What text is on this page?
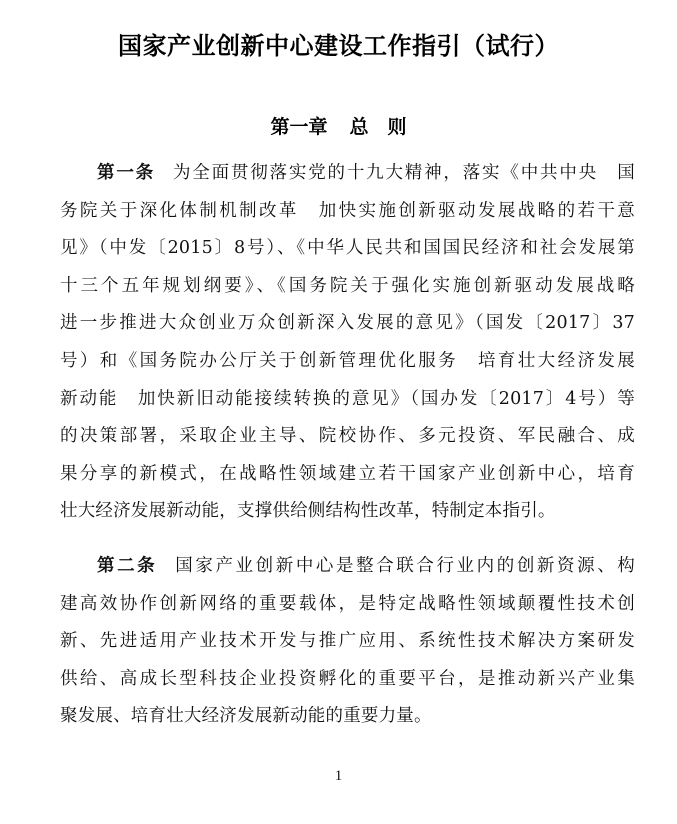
国家产业创新中心建设工作指引（试行）
第一章 总　则
第一条 为全面贯彻落实党的十九大精神，落实《中共中央　国
务院关于深化体制机制改革　加快实施创新驱动发展战略的若干意
见》（中发〔2015〕8号）、《中华人民共和国国民经济和社会发展第
十三个五年规划纲要》、《国务院关于强化实施创新驱动发展战略
进一步推进大众创业万众创新深入发展的意见》（国发〔2017〕37
号）和《国务院办公厅关于创新管理优化服务　培育壮大经济发展
新动能　加快新旧动能接续转换的意见》（国办发〔2017〕4号）等
的决策部署，采取企业主导、院校协作、多元投资、军民融合、成
果分享的新模式，在战略性领域建立若干国家产业创新中心，培育
壮大经济发展新动能，支撑供给侧结构性改革，特制定本指引。
第二条 国家产业创新中心是整合联合行业内的创新资源、构
建高效协作创新网络的重要载体，是特定战略性领域颠覆性技术创
新、先进适用产业技术开发与推广应用、系统性技术解决方案研发
供给、高成长型科技企业投资孵化的重要平台，是推动新兴产业集
聚发展、培育壮大经济发展新动能的重要力量。
1
